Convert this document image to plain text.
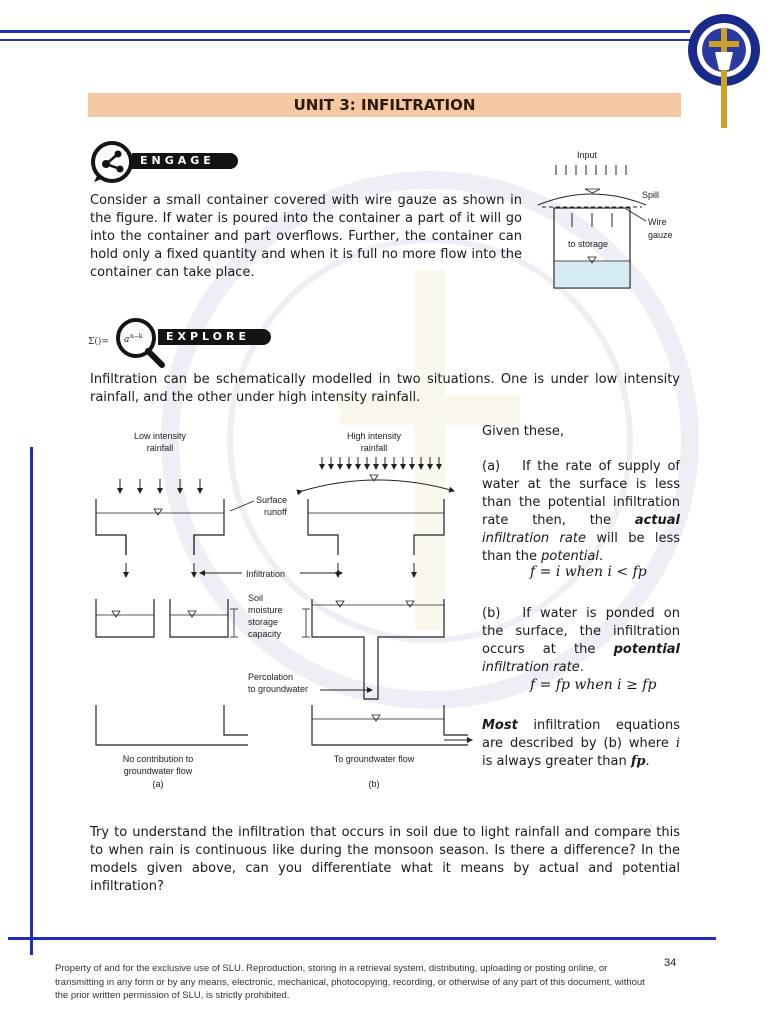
UNIT 3: INFILTRATION
ENGAGE
Consider a small container covered with wire gauze as shown in the figure. If water is poured into the container a part of it will go into the container and part overflows. Further, the container can hold only a fixed quantity and when it is full no more flow into the container can take place.
Input
Spill
Wire
gauze
to storage
Σ()= a n−k	EXPLORE
Infiltration can be schematically modelled in two situations. One is under low intensity rainfall, and the other under high intensity rainfall.
Low intensity
rainfall
High intensity
rainfall
No contribution to
groundwater flow
(a)
Surface
runoff
Infiltration
Soil
moisture
storage
capacity
Percolation
to groundwater
To groundwater flow
(b)
Given these,
(a) If the rate of supply of water at the surface is less than the potential infiltration rate then, the actual infiltration rate will be less than the potential.
f = i when i < fp
(b) If water is ponded on the surface, the infiltration occurs at the potential infiltration rate.
f = fp when i ≥ fp
Most infiltration equations are described by (b) where i is always greater than fp.
Try to understand the infiltration that occurs in soil due to light rainfall and compare this to when rain is continuous like during the monsoon season. Is there a difference? In the models given above, can you differentiate what it means by actual and potential infiltration?
34
Property of and for the exclusive use of SLU. Reproduction, storing in a retrieval system, distributing, uploading or posting online, or transmitting in any form or by any means, electronic, mechanical, photocopying, recording, or otherwise of any part of this document, without the prior written permission of SLU, is strictly prohibited.
